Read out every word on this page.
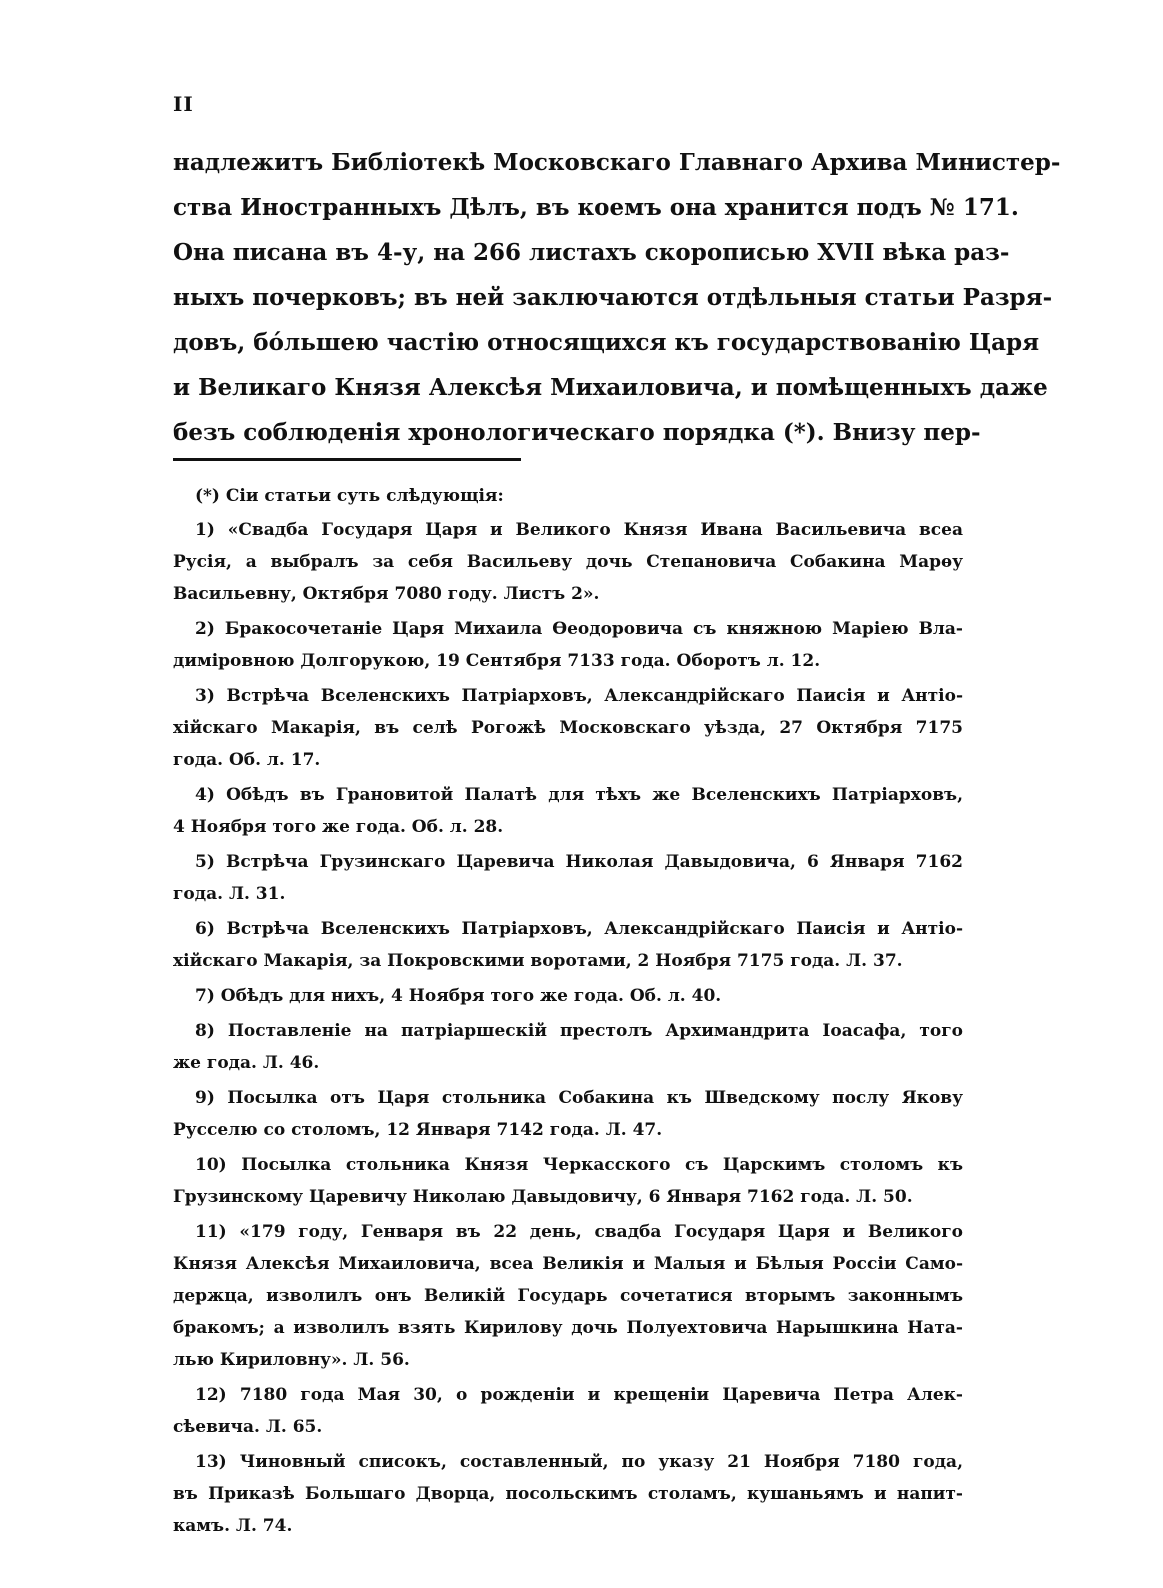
II
надлежитъ Библіотекѣ Московскаго Главнаго Архива Министер-
ства Иностранныхъ Дѣлъ, въ коемъ она хранится подъ № 171.
Она писана въ 4-у, на 266 листахъ скорописью XVII вѣка раз-
ныхъ почерковъ; въ ней заключаются отдѣльныя статьи Разря-
довъ, бóльшею частію относящихся къ государствованію Царя
и Великаго Князя Алексѣя Михаиловича, и помѣщенныхъ даже
безъ соблюденія хронологическаго порядка (*). Внизу пер-
(*) Сіи статьи суть слѣдующія:
1) «Свадба Государя Царя и Великого Князя Ивана Васильевича всеа
Русія, а выбралъ за себя Васильеву дочь Степановича Собакина Марѳу
Васильевну, Октября 7080 году. Листъ 2».
2) Бракосочетаніе Царя Михаила Ѳеодоровича съ княжною Маріею Вла-
диміровною Долгорукою, 19 Сентября 7133 года. Оборотъ л. 12.
3) Встрѣча Вселенскихъ Патріарховъ, Александрійскаго Паисія и Антіо-
хійскаго Макарія, въ селѣ Рогожѣ Московскаго уѣзда, 27 Октября 7175
года. Об. л. 17.
4) Обѣдъ въ Грановитой Палатѣ для тѣхъ же Вселенскихъ Патріарховъ,
4 Ноября того же года. Об. л. 28.
5) Встрѣча Грузинскаго Царевича Николая Давыдовича, 6 Января 7162
года. Л. 31.
6) Встрѣча Вселенскихъ Патріарховъ, Александрійскаго Паисія и Антіо-
хійскаго Макарія, за Покровскими воротами, 2 Ноября 7175 года. Л. 37.
7) Обѣдъ для нихъ, 4 Ноября того же года. Об. л. 40.
8) Поставленіе на патріаршескій престолъ Архимандрита Іоасафа, того
же года. Л. 46.
9) Посылка отъ Царя стольника Собакина къ Шведскому послу Якову
Русселю со столомъ, 12 Января 7142 года. Л. 47.
10) Посылка стольника Князя Черкасского съ Царскимъ столомъ къ
Грузинскому Царевичу Николаю Давыдовичу, 6 Января 7162 года. Л. 50.
11) «179 году, Генваря въ 22 день, свадба Государя Царя и Великого
Князя Алексѣя Михаиловича, всеа Великія и Малыя и Бѣлыя Россіи Само-
держца, изволилъ онъ Великій Государь сочетатися вторымъ законнымъ
бракомъ; а изволилъ взять Кирилову дочь Полуехтовича Нарышкина Ната-
лью Кириловну». Л. 56.
12) 7180 года Мая 30, о рожденіи и крещеніи Царевича Петра Алек-
сѣевича. Л. 65.
13) Чиновный списокъ, составленный, по указу 21 Ноября 7180 года,
въ Приказѣ Большаго Дворца, посольскимъ столамъ, кушаньямъ и напит-
камъ. Л. 74.
